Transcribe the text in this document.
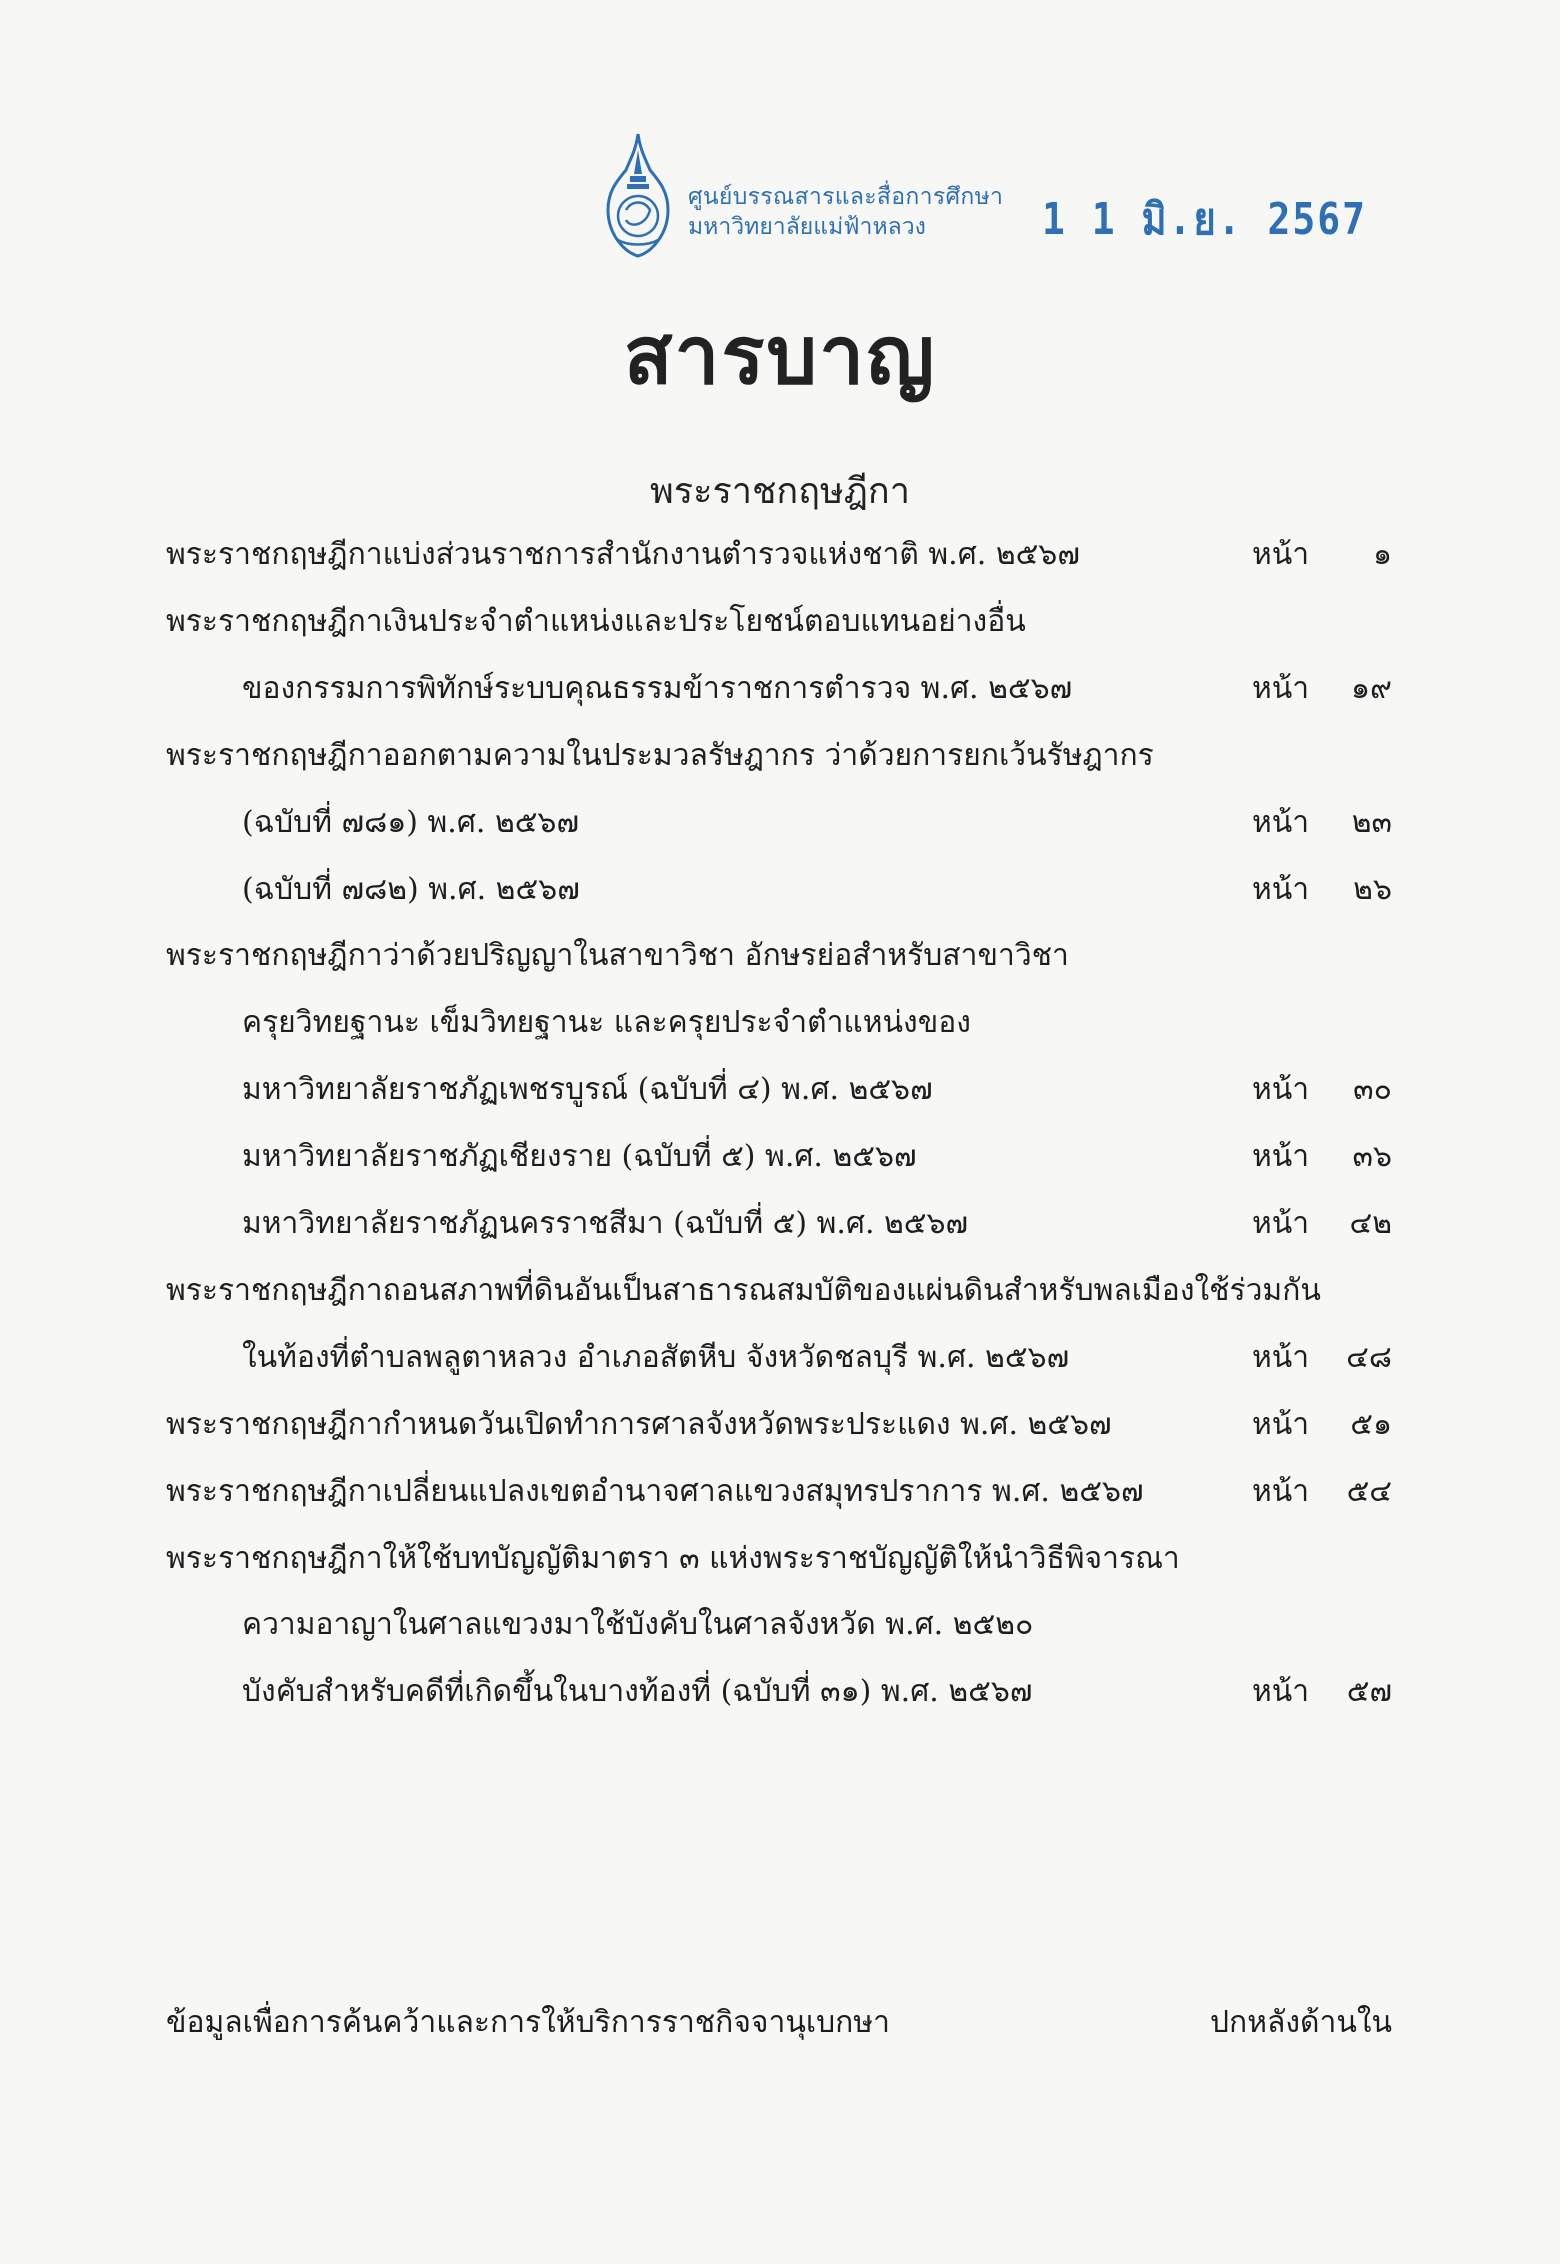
ศูนย์บรรณสารและสื่อการศึกษา
มหาวิทยาลัยแม่ฟ้าหลวง	1 1 มิ.ย. 2567
สารบาญ
พระราชกฤษฎีกา
พระราชกฤษฎีกาแบ่งส่วนราชการสำนักงานตำรวจแห่งชาติ พ.ศ. ๒๕๖๗	หน้า ๑
พระราชกฤษฎีกาเงินประจำตำแหน่งและประโยชน์ตอบแทนอย่างอื่น
ของกรรมการพิทักษ์ระบบคุณธรรมข้าราชการตำรวจ พ.ศ. ๒๕๖๗	หน้า ๑๙
พระราชกฤษฎีกาออกตามความในประมวลรัษฎากร ว่าด้วยการยกเว้นรัษฎากร
(ฉบับที่ ๗๘๑) พ.ศ. ๒๕๖๗	หน้า ๒๓
(ฉบับที่ ๗๘๒) พ.ศ. ๒๕๖๗	หน้า ๒๖
พระราชกฤษฎีกาว่าด้วยปริญญาในสาขาวิชา อักษรย่อสำหรับสาขาวิชา
ครุยวิทยฐานะ เข็มวิทยฐานะ และครุยประจำตำแหน่งของ
มหาวิทยาลัยราชภัฏเพชรบูรณ์ (ฉบับที่ ๔) พ.ศ. ๒๕๖๗	หน้า ๓๐
มหาวิทยาลัยราชภัฏเชียงราย (ฉบับที่ ๕) พ.ศ. ๒๕๖๗	หน้า ๓๖
มหาวิทยาลัยราชภัฏนครราชสีมา (ฉบับที่ ๕) พ.ศ. ๒๕๖๗	หน้า ๔๒
พระราชกฤษฎีกาถอนสภาพที่ดินอันเป็นสาธารณสมบัติของแผ่นดินสำหรับพลเมืองใช้ร่วมกัน
ในท้องที่ตำบลพลูตาหลวง อำเภอสัตหีบ จังหวัดชลบุรี พ.ศ. ๒๕๖๗	หน้า ๔๘
พระราชกฤษฎีกากำหนดวันเปิดทำการศาลจังหวัดพระประแดง พ.ศ. ๒๕๖๗	หน้า ๕๑
พระราชกฤษฎีกาเปลี่ยนแปลงเขตอำนาจศาลแขวงสมุทรปราการ พ.ศ. ๒๕๖๗	หน้า ๕๔
พระราชกฤษฎีกาให้ใช้บทบัญญัติมาตรา ๓ แห่งพระราชบัญญัติให้นำวิธีพิจารณา
ความอาญาในศาลแขวงมาใช้บังคับในศาลจังหวัด พ.ศ. ๒๕๒๐
บังคับสำหรับคดีที่เกิดขึ้นในบางท้องที่ (ฉบับที่ ๓๑) พ.ศ. ๒๕๖๗	หน้า ๕๗
ข้อมูลเพื่อการค้นคว้าและการให้บริการราชกิจจานุเบกษา	ปกหลังด้านใน
